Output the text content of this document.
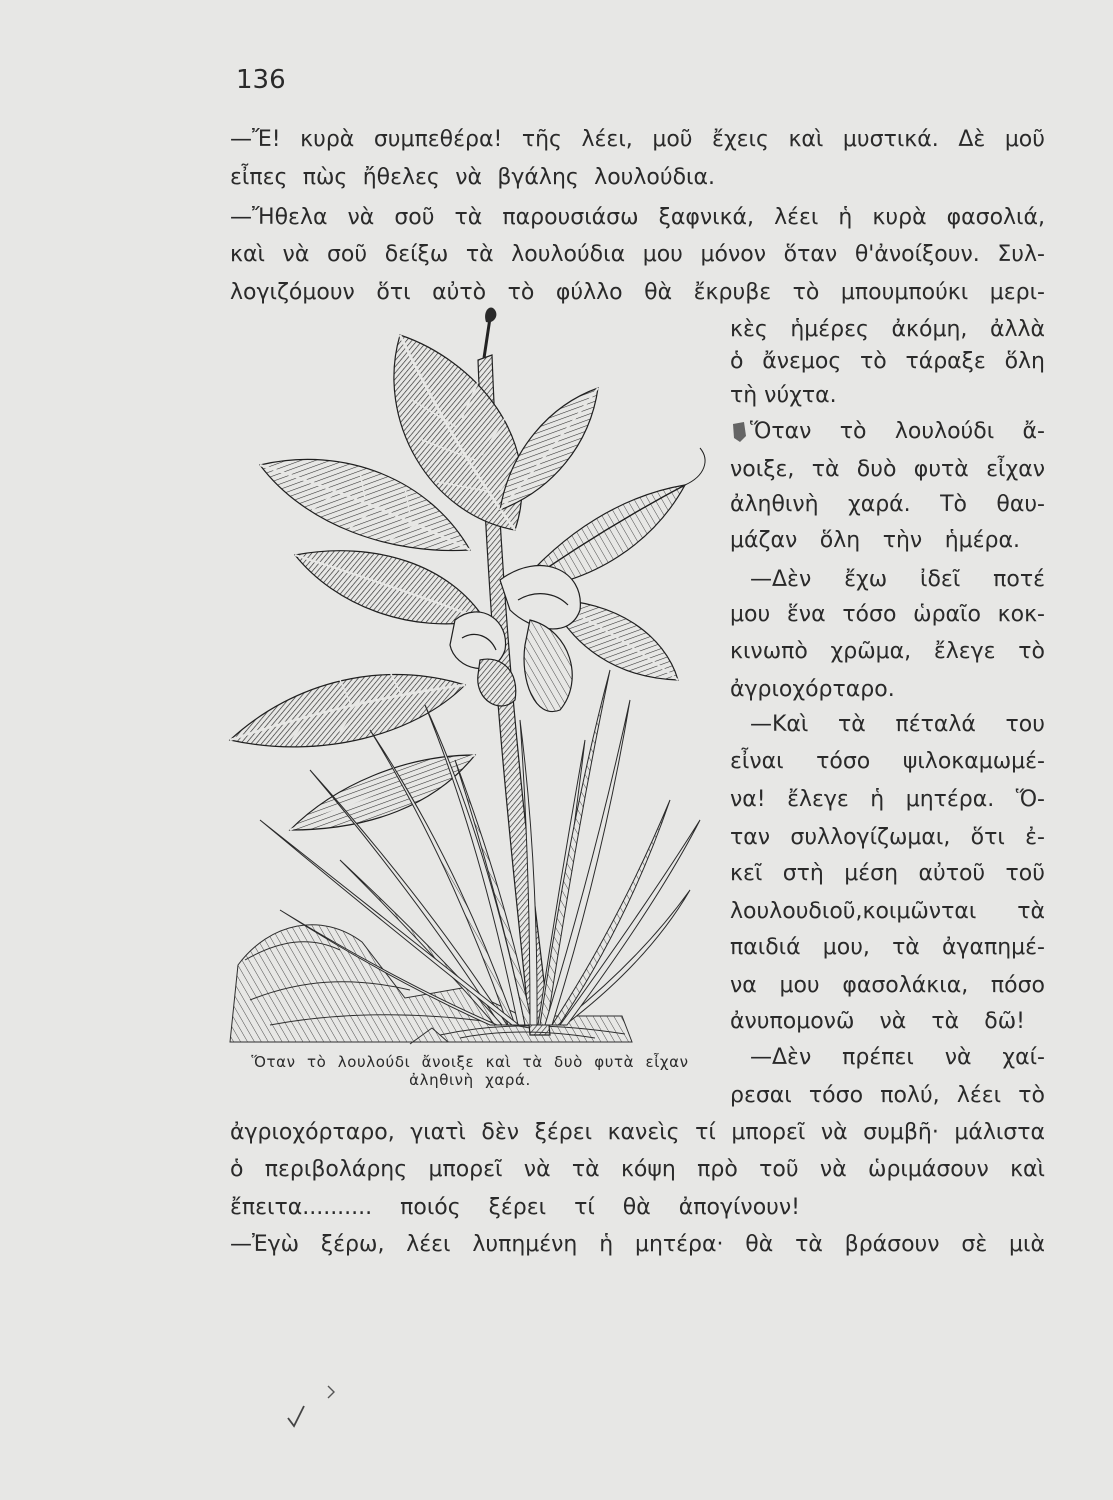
136
—Ἔ! κυρὰ συμπεθέρα! τῆς λέει, μοῦ ἔχεις καὶ μυστικά. Δὲ μοῦ
εἶπες πὼς ἤθελες νὰ βγάλης λουλούδια.
—Ἤθελα νὰ σοῦ τὰ παρουσιάσω ξαφνικά, λέει ἡ κυρὰ φασολιά,
καὶ νὰ σοῦ δείξω τὰ λουλούδια μου μόνον ὅταν θ'ἀνοίξουν. Συλ-
λογιζόμουν ὅτι αὐτὸ τὸ φύλλο θὰ ἔκρυβε τὸ μπουμπούκι μερι-
κὲς ἡμέρες ἀκόμη, ἀλλὰ
ὁ ἄνεμος τὸ τάραξε ὅλη
τὴ νύχτα.
Ὅταν τὸ λουλούδι ἄ-
νοιξε, τὰ δυὸ φυτὰ εἶχαν
ἀληθινὴ χαρά. Τὸ θαυ-
μάζαν ὅλη τὴν ἡμέρα.
—Δὲν ἔχω ἰδεῖ ποτέ
μου ἕνα τόσο ὡραῖο κοκ-
κινωπὸ χρῶμα, ἔλεγε τὸ
ἀγριοχόρταρο.
—Καὶ τὰ πέταλά του
εἶναι τόσο ψιλοκαμωμέ-
να! ἔλεγε ἡ μητέρα. Ὅ-
ταν συλλογίζωμαι, ὅτι ἐ-
κεῖ στὴ μέση αὐτοῦ τοῦ
λουλουδιοῦ,κοιμῶνται τὰ
παιδιά μου, τὰ ἀγαπημέ-
να μου φασολάκια, πόσο
ἀνυπομονῶ νὰ τὰ δῶ!
—Δὲν πρέπει νὰ χαί-
ρεσαι τόσο πολύ, λέει τὸ
Ὅταν τὸ λουλούδι ἄνοιξε καὶ τὰ δυὸ φυτὰ εἶχαν
ἀληθινὴ χαρά.
ἀγριοχόρταρο, γιατὶ δὲν ξέρει κανεὶς τί μπορεῖ νὰ συμβῆ· μάλιστα
ὁ περιβολάρης μπορεῖ νὰ τὰ κόψη πρὸ τοῦ νὰ ὡριμάσουν καὶ
ἔπειτα.......... ποιός ξέρει τί θὰ ἀπογίνουν!
—Ἐγὼ ξέρω, λέει λυπημένη ἡ μητέρα· θὰ τὰ βράσουν σὲ μιὰ
